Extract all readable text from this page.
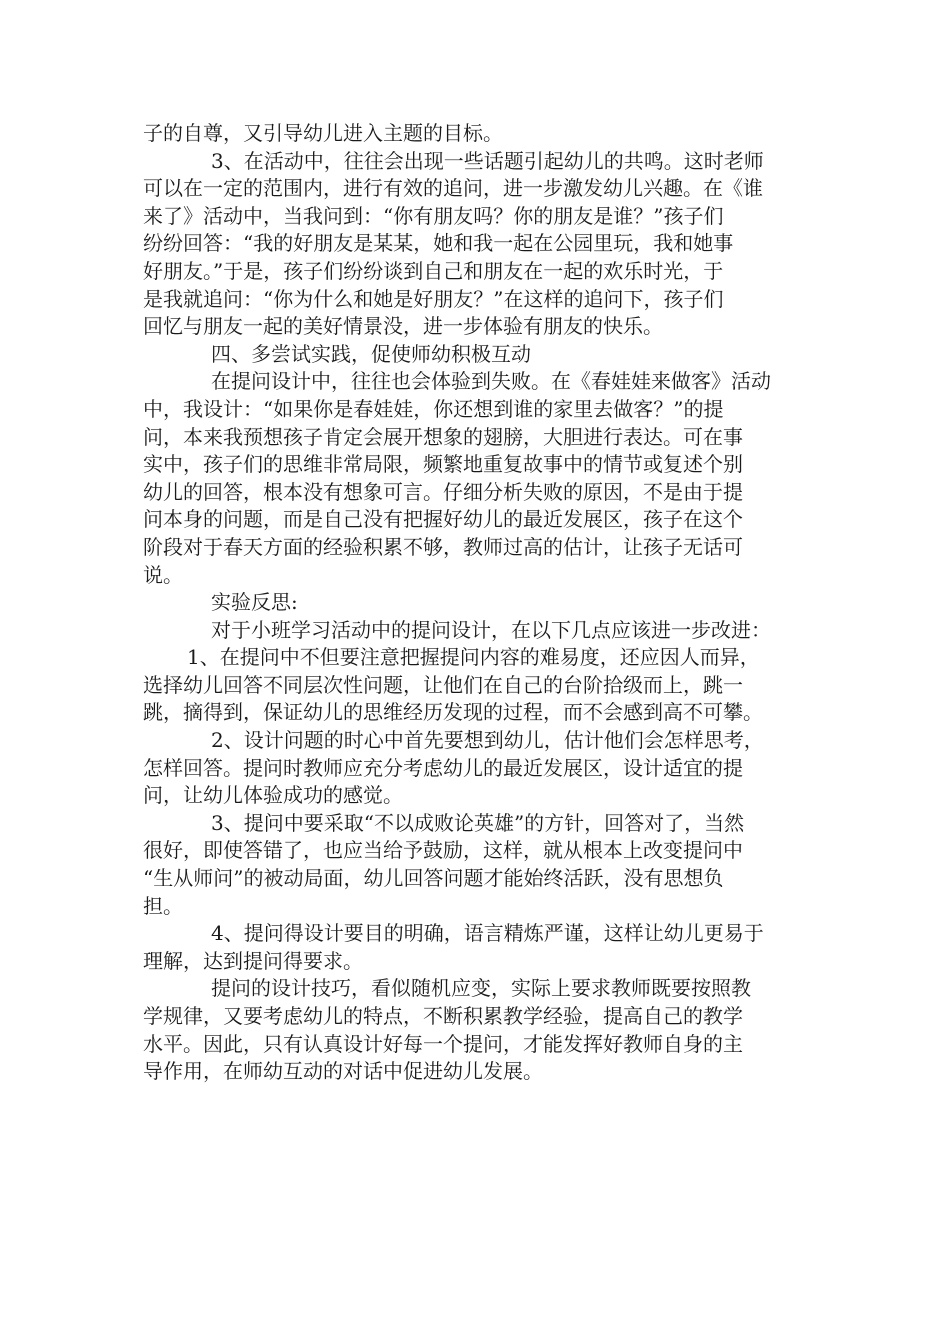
子的自尊，又引导幼儿进入主题的目标。
3、在活动中，往往会出现一些话题引起幼儿的共鸣。这时老师
可以在一定的范围内，进行有效的追问，进一步激发幼儿兴趣。在《谁
来了》活动中，当我问到：“你有朋友吗？你的朋友是谁？”孩子们
纷纷回答：“我的好朋友是某某，她和我一起在公园里玩，我和她事
好朋友。”于是，孩子们纷纷谈到自己和朋友在一起的欢乐时光，于
是我就追问：“你为什么和她是好朋友？”在这样的追问下，孩子们
回忆与朋友一起的美好情景没，进一步体验有朋友的快乐。
四、多尝试实践，促使师幼积极互动
在提问设计中，往往也会体验到失败。在《春娃娃来做客》活动
中，我设计：“如果你是春娃娃，你还想到谁的家里去做客？”的提
问，本来我预想孩子肯定会展开想象的翅膀，大胆进行表达。可在事
实中，孩子们的思维非常局限，频繁地重复故事中的情节或复述个别
幼儿的回答，根本没有想象可言。仔细分析失败的原因，不是由于提
问本身的问题，而是自己没有把握好幼儿的最近发展区，孩子在这个
阶段对于春天方面的经验积累不够，教师过高的估计，让孩子无话可
说。
实验反思:
对于小班学习活动中的提问设计，在以下几点应该进一步改进：
1、在提问中不但要注意把握提问内容的难易度，还应因人而异，
选择幼儿回答不同层次性问题，让他们在自己的台阶拾级而上，跳一
跳，摘得到，保证幼儿的思维经历发现的过程，而不会感到高不可攀。
2、设计问题的时心中首先要想到幼儿，估计他们会怎样思考，
怎样回答。提问时教师应充分考虑幼儿的最近发展区，设计适宜的提
问，让幼儿体验成功的感觉。
3、提问中要采取“不以成败论英雄”的方针，回答对了，当然
很好，即使答错了，也应当给予鼓励，这样，就从根本上改变提问中
“生从师问”的被动局面，幼儿回答问题才能始终活跃，没有思想负
担。
4、提问得设计要目的明确，语言精炼严谨，这样让幼儿更易于
理解，达到提问得要求。
提问的设计技巧，看似随机应变，实际上要求教师既要按照教
学规律，又要考虑幼儿的特点，不断积累教学经验，提高自己的教学
水平。因此，只有认真设计好每一个提问，才能发挥好教师自身的主
导作用，在师幼互动的对话中促进幼儿发展。
